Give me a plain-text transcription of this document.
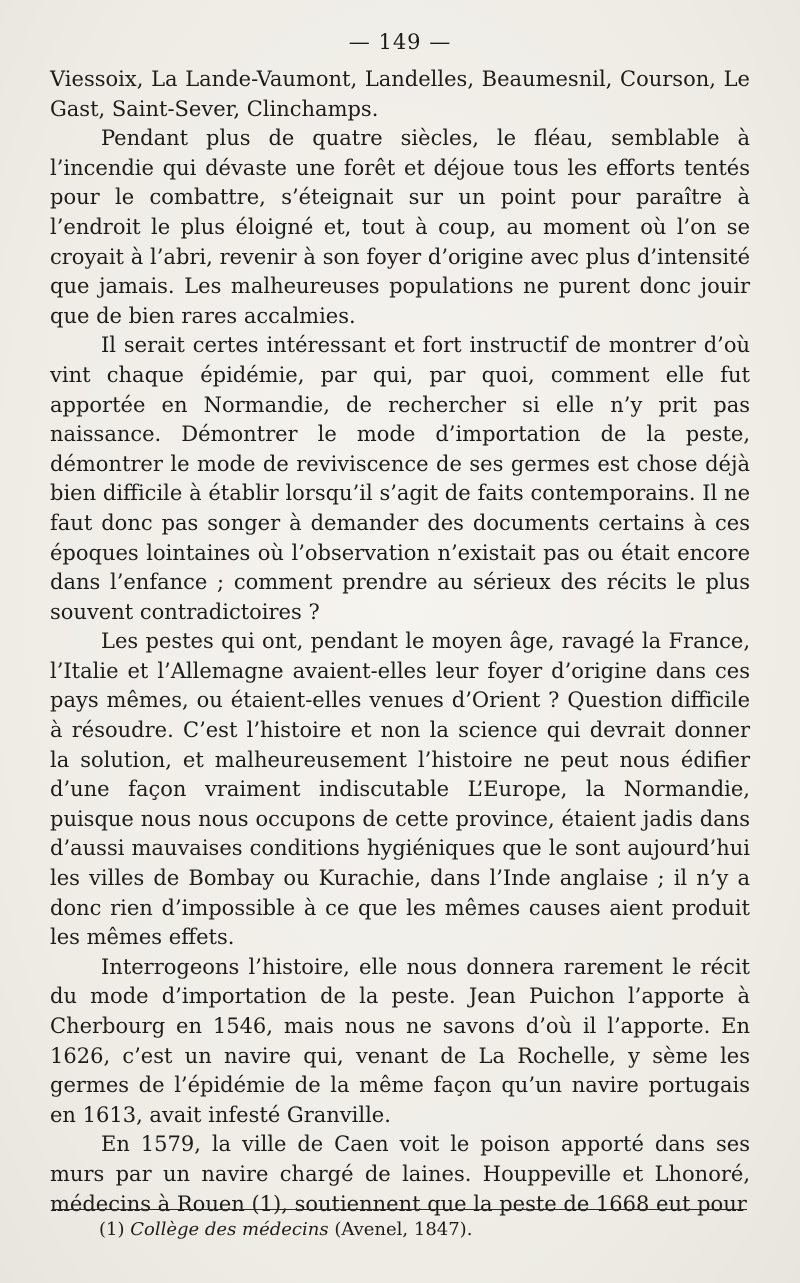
— 149 —

Viessoix, La Lande-Vaumont, Landelles, Beaumesnil, Courson, Le Gast, Saint-Sever, Clinchamps.

Pendant plus de quatre siècles, le fléau, semblable à l’incendie qui dévaste une forêt et déjoue tous les efforts tentés pour le combattre, s’éteignait sur un point pour paraître à l’endroit le plus éloigné et, tout à coup, au moment où l’on se croyait à l’abri, revenir à son foyer d’origine avec plus d’intensité que jamais. Les malheureuses populations ne purent donc jouir que de bien rares accalmies.

Il serait certes intéressant et fort instructif de montrer d’où vint chaque épidémie, par qui, par quoi, comment elle fut apportée en Normandie, de rechercher si elle n’y prit pas naissance. Démontrer le mode d’importation de la peste, démontrer le mode de reviviscence de ses germes est chose déjà bien difficile à établir lorsqu’il s’agit de faits contemporains. Il ne faut donc pas songer à demander des documents certains à ces époques lointaines où l’observation n’existait pas ou était encore dans l’enfance ; comment prendre au sérieux des récits le plus souvent contradictoires ?

Les pestes qui ont, pendant le moyen âge, ravagé la France, l’Italie et l’Allemagne avaient-elles leur foyer d’origine dans ces pays mêmes, ou étaient-elles venues d’Orient ? Question difficile à résoudre. C’est l’histoire et non la science qui devrait donner la solution, et malheureusement l’histoire ne peut nous édifier d’une façon vraiment indiscutable L’Europe, la Normandie, puisque nous nous occupons de cette province, étaient jadis dans d’aussi mauvaises conditions hygiéniques que le sont aujourd’hui les villes de Bombay ou Kurachie, dans l’Inde anglaise ; il n’y a donc rien d’impossible à ce que les mêmes causes aient produit les mêmes effets.

Interrogeons l’histoire, elle nous donnera rarement le récit du mode d’importation de la peste. Jean Puichon l’apporte à Cherbourg en 1546, mais nous ne savons d’où il l’apporte. En 1626, c’est un navire qui, venant de La Rochelle, y sème les germes de l’épidémie de la même façon qu’un navire portugais en 1613, avait infesté Granville.

En 1579, la ville de Caen voit le poison apporté dans ses murs par un navire chargé de laines. Houppeville et Lhonoré, médecins à Rouen (1), soutiennent que la peste de 1668 eut pour

(1) Collège des médecins (Avenel, 1847).
